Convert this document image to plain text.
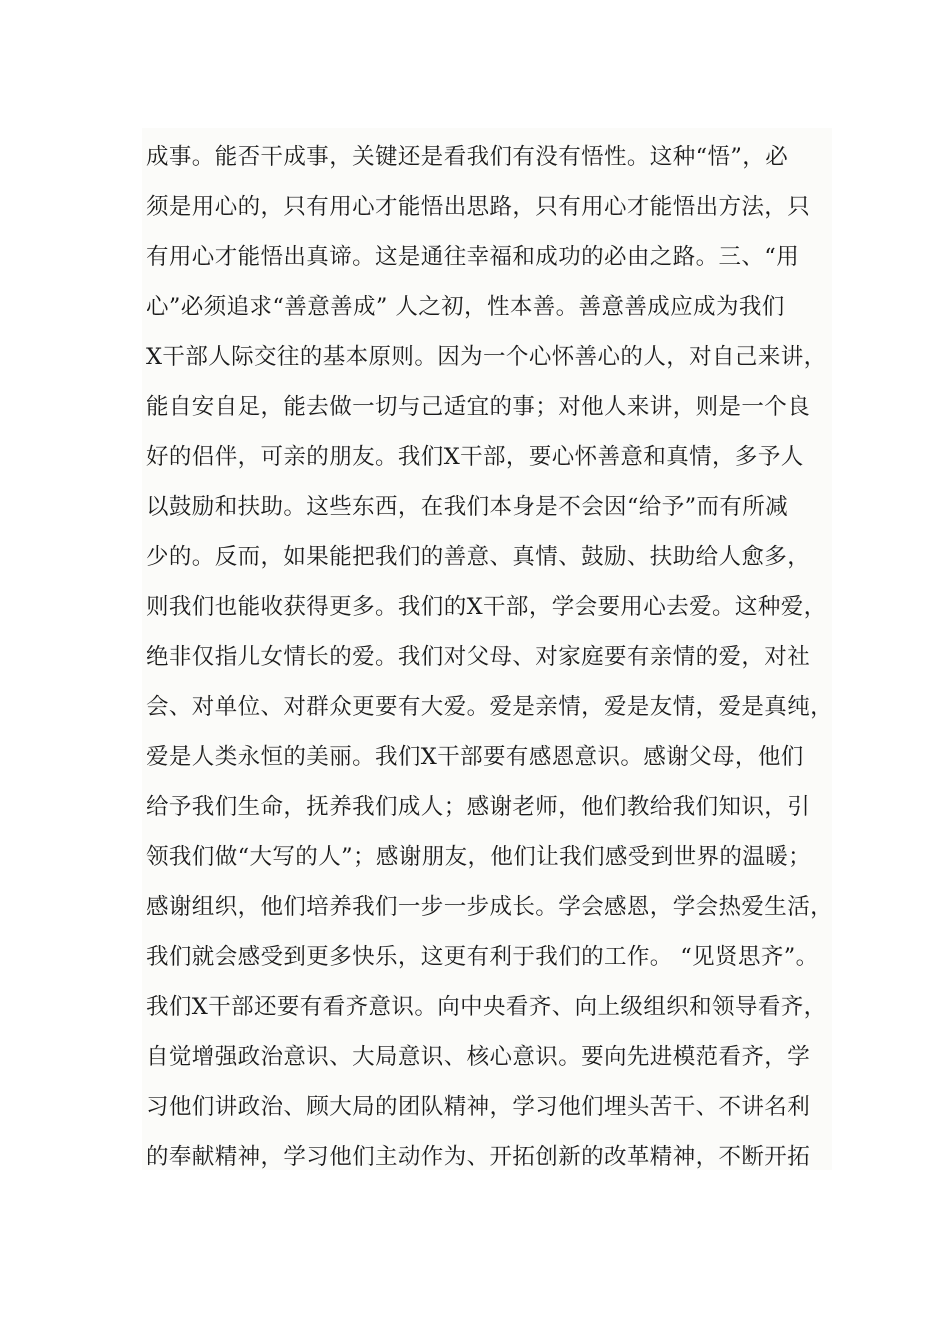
成事。能否干成事，关键还是看我们有没有悟性。这种“悟”，必
须是用心的，只有用心才能悟出思路，只有用心才能悟出方法，只
有用心才能悟出真谛。这是通往幸福和成功的必由之路。三、“用
心”必须追求“善意善成” 人之初，性本善。善意善成应成为我们
X干部人际交往的基本原则。因为一个心怀善心的人，对自己来讲，
能自安自足，能去做一切与己适宜的事；对他人来讲，则是一个良
好的侣伴，可亲的朋友。我们X干部，要心怀善意和真情，多予人
以鼓励和扶助。这些东西，在我们本身是不会因“给予”而有所减
少的。反而，如果能把我们的善意、真情、鼓励、扶助给人愈多，
则我们也能收获得更多。我们的X干部，学会要用心去爱。这种爱，
绝非仅指儿女情长的爱。我们对父母、对家庭要有亲情的爱，对社
会、对单位、对群众更要有大爱。爱是亲情，爱是友情，爱是真纯，
爱是人类永恒的美丽。我们X干部要有感恩意识。感谢父母，他们
给予我们生命，抚养我们成人；感谢老师，他们教给我们知识，引
领我们做“大写的人”；感谢朋友，他们让我们感受到世界的温暖；
感谢组织，他们培养我们一步一步成长。学会感恩，学会热爱生活，
我们就会感受到更多快乐，这更有利于我们的工作。 “见贤思齐”。
我们X干部还要有看齐意识。向中央看齐、向上级组织和领导看齐，
自觉增强政治意识、大局意识、核心意识。要向先进模范看齐，学
习他们讲政治、顾大局的团队精神，学习他们埋头苦干、不讲名利
的奉献精神，学习他们主动作为、开拓创新的改革精神，不断开拓
